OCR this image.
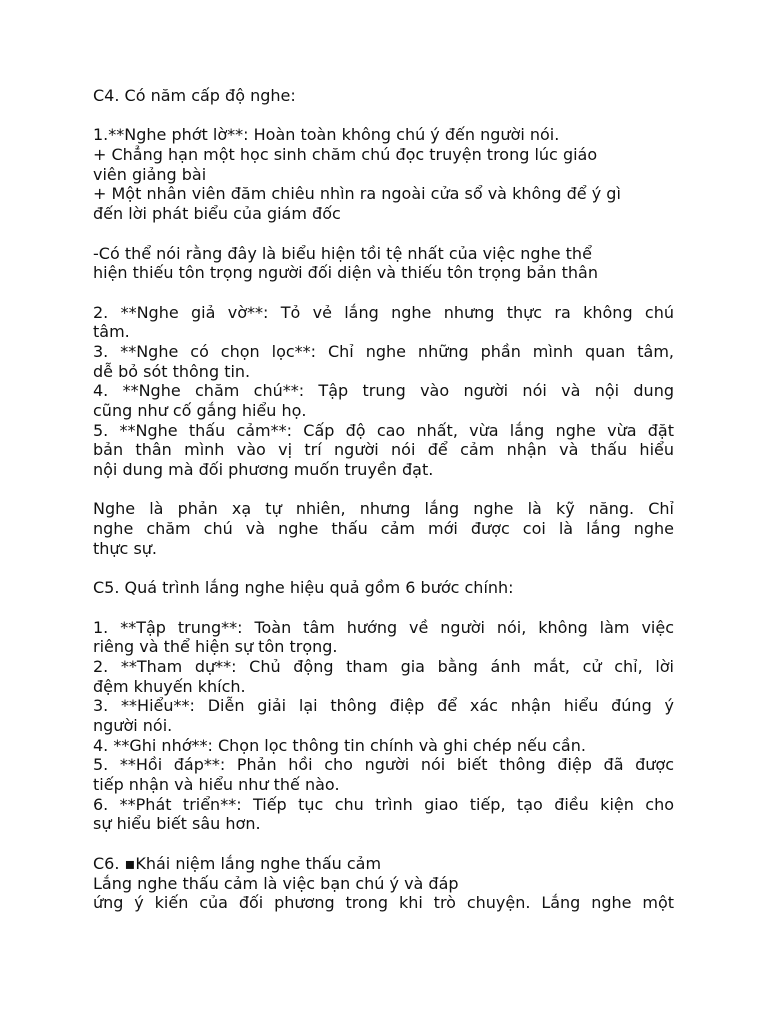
C4. Có năm cấp độ nghe:
1.**Nghe phớt lờ**: Hoàn toàn không chú ý đến người nói.
+ Chẳng hạn một học sinh chăm chú đọc truyện trong lúc giáo
viên giảng bài
+ Một nhân viên đăm chiêu nhìn ra ngoài cửa sổ và không để ý gì
đến lời phát biểu của giám đốc
-Có thể nói rằng đây là biểu hiện tồi tệ nhất của việc nghe thể
hiện thiếu tôn trọng người đối diện và thiếu tôn trọng bản thân
2. **Nghe giả vờ**: Tỏ vẻ lắng nghe nhưng thực ra không chú
tâm.
3. **Nghe có chọn lọc**: Chỉ nghe những phần mình quan tâm,
dễ bỏ sót thông tin.
4. **Nghe chăm chú**: Tập trung vào người nói và nội dung
cũng như cố gắng hiểu họ.
5. **Nghe thấu cảm**: Cấp độ cao nhất, vừa lắng nghe vừa đặt
bản thân mình vào vị trí người nói để cảm nhận và thấu hiểu
nội dung mà đối phương muốn truyền đạt.
Nghe là phản xạ tự nhiên, nhưng lắng nghe là kỹ năng. Chỉ
nghe chăm chú và nghe thấu cảm mới được coi là lắng nghe
thực sự.
C5. Quá trình lắng nghe hiệu quả gồm 6 bước chính:
1. **Tập trung**: Toàn tâm hướng về người nói, không làm việc
riêng và thể hiện sự tôn trọng.
2. **Tham dự**: Chủ động tham gia bằng ánh mắt, cử chỉ, lời
đệm khuyến khích.
3. **Hiểu**: Diễn giải lại thông điệp để xác nhận hiểu đúng ý
người nói.
4. **Ghi nhớ**: Chọn lọc thông tin chính và ghi chép nếu cần.
5. **Hồi đáp**: Phản hồi cho người nói biết thông điệp đã được
tiếp nhận và hiểu như thế nào.
6. **Phát triển**: Tiếp tục chu trình giao tiếp, tạo điều kiện cho
sự hiểu biết sâu hơn.
C6. ▪Khái niệm lắng nghe thấu cảm
Lắng nghe thấu cảm là việc bạn chú ý và đáp
ứng ý kiến của đối phương trong khi trò chuyện. Lắng nghe một
